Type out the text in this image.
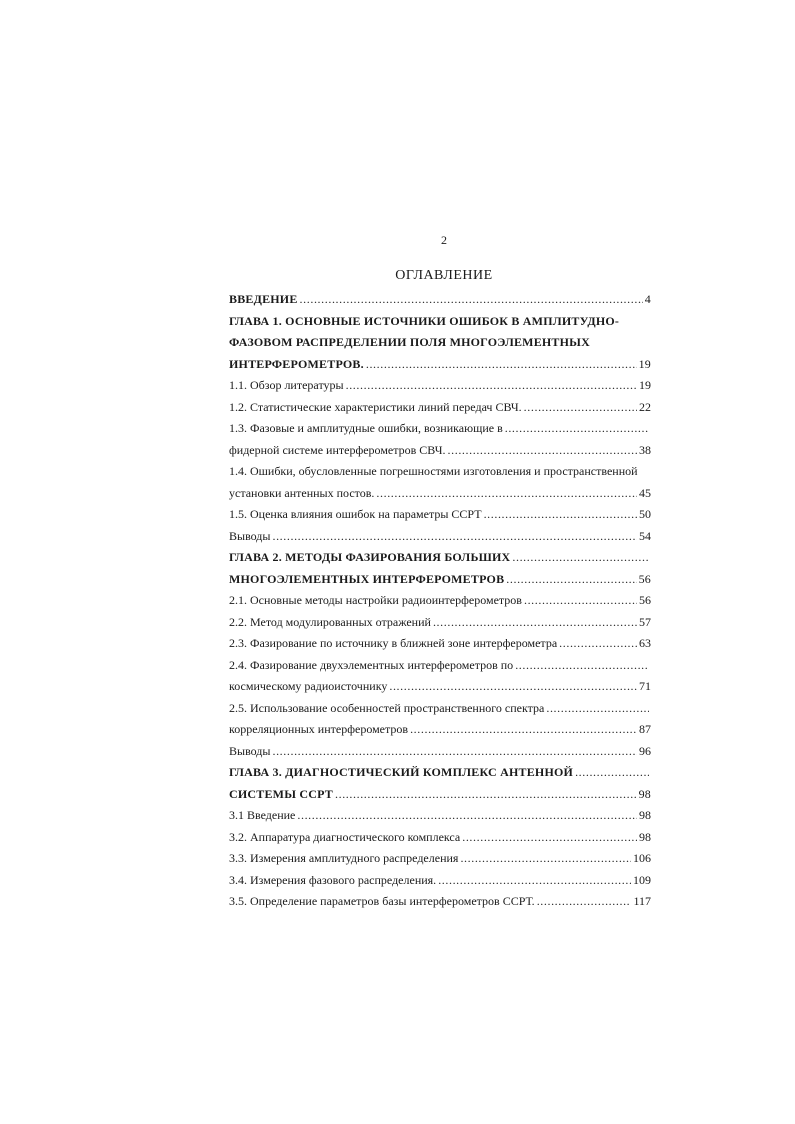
2
ОГЛАВЛЕНИЕ
ВВЕДЕНИЕ .....	4
ГЛАВА 1. ОСНОВНЫЕ ИСТОЧНИКИ ОШИБОК В АМПЛИТУДНО-
ФАЗОВОМ РАСПРЕДЕЛЕНИИ ПОЛЯ МНОГОЭЛЕМЕНТНЫХ
ИНТЕРФЕРОМЕТРОВ. .....	19
1.1. Обзор литературы .....	19
1.2. Статистические характеристики линий передач СВЧ. .....	22
1.3. Фазовые и амплитудные ошибки, возникающие в
.....
фидерной системе интерферометров СВЧ. .....	38
1.4. Ошибки, обусловленные погрешностями изготовления и пространственной
установки антенных постов. .....	45
1.5. Оценка влияния ошибок на параметры ССРТ .....	50
Выводы .....	54
ГЛАВА 2. МЕТОДЫ ФАЗИРОВАНИЯ БОЛЬШИХ
.....
МНОГОЭЛЕМЕНТНЫХ ИНТЕРФЕРОМЕТРОВ .....	56
2.1. Основные методы настройки радиоинтерферометров .....	56
2.2. Метод модулированных отражений .....	57
2.3. Фазирование по источнику в ближней зоне интерферометра .....	63
2.4. Фазирование двухэлементных интерферометров по
.....
космическому радиоисточнику .....	71
2.5. Использование особенностей пространственного спектра
.....
корреляционных интерферометров .....	87
Выводы .....	96
ГЛАВА 3. ДИАГНОСТИЧЕСКИЙ КОМПЛЕКС АНТЕННОЙ
.....
СИСТЕМЫ ССРТ .....	98
3.1 Введение .....	98
3.2. Аппаратура диагностического комплекса .....	98
3.3. Измерения амплитудного распределения .....	106
3.4. Измерения фазового распределения. .....	109
3.5. Определение параметров базы интерферометров ССРТ. .....	117
